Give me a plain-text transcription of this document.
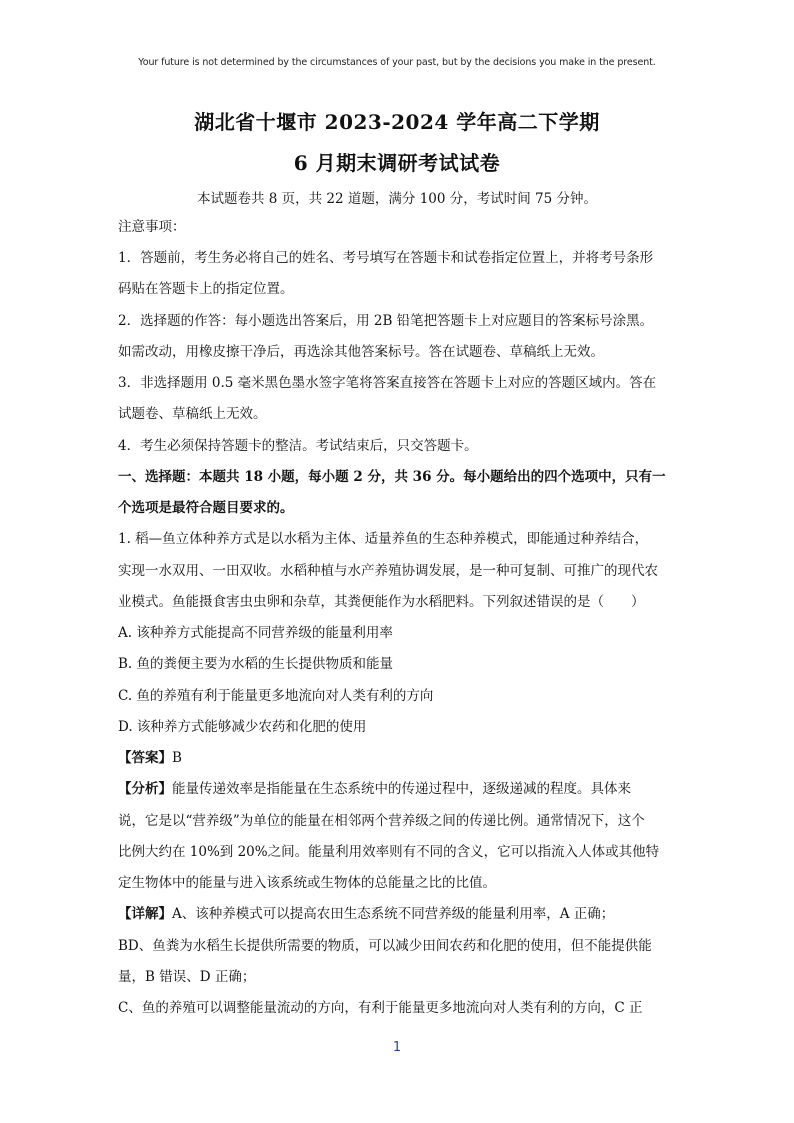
Your future is not determined by the circumstances of your past, but by the decisions you make in the present.
湖北省十堰市 2023-2024 学年高二下学期
6 月期末调研考试试卷
本试题卷共 8 页，共 22 道题，满分 100 分，考试时间 75 分钟。
注意事项：
1．答题前，考生务必将自己的姓名、考号填写在答题卡和试卷指定位置上，并将考号条形
码贴在答题卡上的指定位置。
2．选择题的作答：每小题选出答案后，用 2B 铅笔把答题卡上对应题目的答案标号涂黑。
如需改动，用橡皮擦干净后，再选涂其他答案标号。答在试题卷、草稿纸上无效。
3．非选择题用 0.5 毫米黑色墨水签字笔将答案直接答在答题卡上对应的答题区域内。答在
试题卷、草稿纸上无效。
4．考生必须保持答题卡的整洁。考试结束后，只交答题卡。
一、选择题：本题共 18 小题，每小题 2 分，共 36 分。每小题给出的四个选项中，只有一
个选项是最符合题目要求的。
1. 稻—鱼立体种养方式是以水稻为主体、适量养鱼的生态种养模式，即能通过种养结合，
实现一水双用、一田双收。水稻种植与水产养殖协调发展，是一种可复制、可推广的现代农
业模式。鱼能摄食害虫虫卵和杂草，其粪便能作为水稻肥料。下列叙述错误的是（　　）
A. 该种养方式能提高不同营养级的能量利用率
B. 鱼的粪便主要为水稻的生长提供物质和能量
C. 鱼的养殖有利于能量更多地流向对人类有利的方向
D. 该种养方式能够减少农药和化肥的使用
【答案】B
【分析】能量传递效率是指能量在生态系统中的传递过程中，逐级递减的程度。具体来
说，它是以“营养级”为单位的能量在相邻两个营养级之间的传递比例。通常情况下，这个
比例大约在 10%到 20%之间。能量利用效率则有不同的含义，它可以指流入人体或其他特
定生物体中的能量与进入该系统或生物体的总能量之比的比值。
【详解】A、该种养模式可以提高农田生态系统不同营养级的能量利用率，A 正确；
BD、鱼粪为水稻生长提供所需要的物质，可以减少田间农药和化肥的使用，但不能提供能
量，B 错误、D 正确；
C、鱼的养殖可以调整能量流动的方向，有利于能量更多地流向对人类有利的方向，C 正
1
